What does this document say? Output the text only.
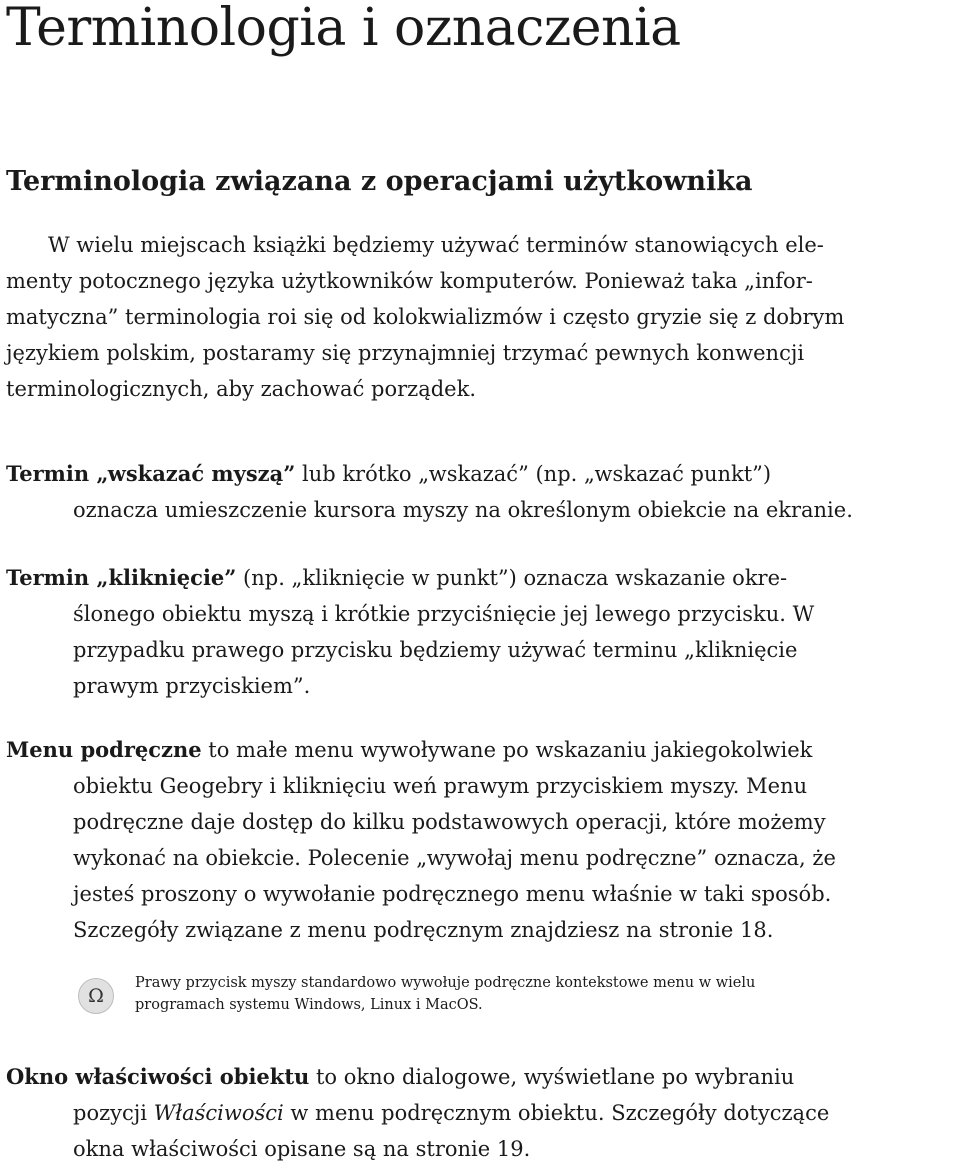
Terminologia i oznaczenia
Terminologia związana z operacjami użytkownika
W wielu miejscach książki będziemy używać terminów stanowiących ele-
menty potocznego języka użytkowników komputerów. Ponieważ taka „infor-
matyczna” terminologia roi się od kolokwializmów i często gryzie się z dobrym
językiem polskim, postaramy się przynajmniej trzymać pewnych konwencji
terminologicznych, aby zachować porządek.
Termin „wskazać myszą” lub krótko „wskazać” (np. „wskazać punkt”)
oznacza umieszczenie kursora myszy na określonym obiekcie na ekranie.
Termin „kliknięcie” (np. „kliknięcie w punkt”) oznacza wskazanie okre-
ślonego obiektu myszą i krótkie przyciśnięcie jej lewego przycisku. W
przypadku prawego przycisku będziemy używać terminu „kliknięcie
prawym przyciskiem”.
Menu podręczne to małe menu wywoływane po wskazaniu jakiegokolwiek
obiektu Geogebry i kliknięciu weń prawym przyciskiem myszy. Menu
podręczne daje dostęp do kilku podstawowych operacji, które możemy
wykonać na obiekcie. Polecenie „wywołaj menu podręczne” oznacza, że
jesteś proszony o wywołanie podręcznego menu właśnie w taki sposób.
Szczegóły związane z menu podręcznym znajdziesz na stronie 18.
Ω
Prawy przycisk myszy standardowo wywołuje podręczne kontekstowe menu w wielu
programach systemu Windows, Linux i MacOS.
Okno właściwości obiektu to okno dialogowe, wyświetlane po wybraniu
pozycji Właściwości w menu podręcznym obiektu. Szczegóły dotyczące
okna właściwości opisane są na stronie 19.
